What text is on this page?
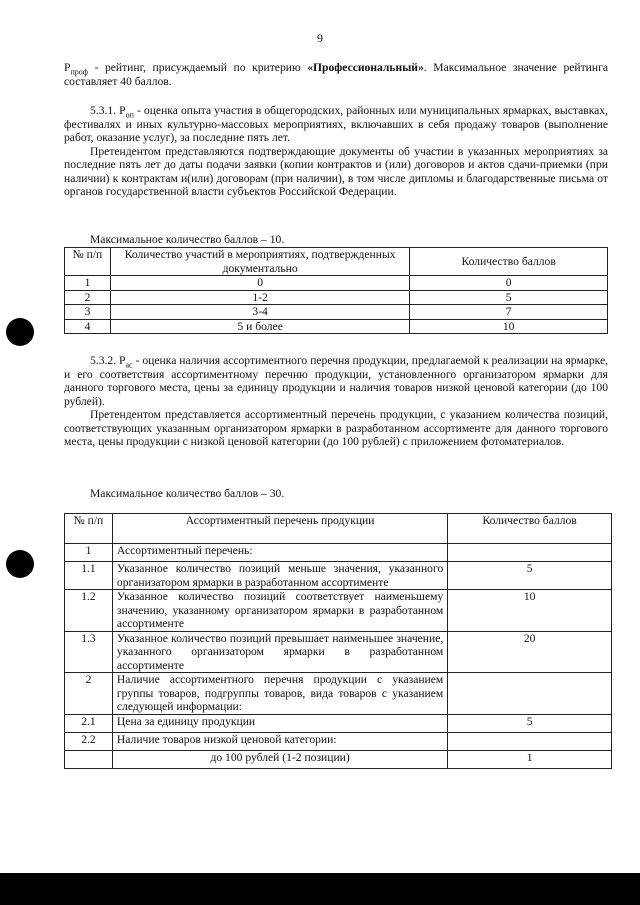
9

$Р_{проф}$ - рейтинг, присуждаемый по критерию «Профессиональный». Максимальное значение рейтинга составляет 40 баллов.

5.3.1. $Р_{оп}$ - оценка опыта участия в общегородских, районных или муниципальных ярмарках, выставках, фестивалях и иных культурно-массовых мероприятиях, включавших в себя продажу товаров (выполнение работ, оказание услуг), за последние пять лет.

Претендентом представляются подтверждающие документы об участии в указанных мероприятиях за последние пять лет до даты подачи заявки (копии контрактов и (или) договоров и актов сдачи-приемки (при наличии) к контрактам и(или) договорам (при наличии), в том числе дипломы и благодарственные письма от органов государственной власти субъектов Российской Федерации.

Максимальное количество баллов – 10.
№ п/п	Количество участий в мероприятиях, подтвержденных документально	Количество баллов
1	0	0
2	1-2	5
3	3-4	7
4	5 и более	10

5.3.2. $Р_{ас}$ - оценка наличия ассортиментного перечня продукции, предлагаемой к реализации на ярмарке, и его соответствия ассортиментному перечню продукции, установленного организатором ярмарки для данного торгового места, цены за единицу продукции и наличия товаров низкой ценовой категории (до 100 рублей).

Претендентом представляется ассортиментный перечень продукции, с указанием количества позиций, соответствующих указанным организатором ярмарки в разработанном ассортименте для данного торгового места, цены продукции с низкой ценовой категории (до 100 рублей) с приложением фотоматериалов.

Максимальное количество баллов – 30.
№ п/п	Ассортиментный перечень продукции	Количество баллов
1	Ассортиментный перечень:	
1.1	Указанное количество позиций меньше значения, указанного организатором ярмарки в разработанном ассортименте	5
1.2	Указанное количество позиций соответствует наименьшему значению, указанному организатором ярмарки в разработанном ассортименте	10
1.3	Указанное количество позиций превышает наименьшее значение, указанного организатором ярмарки в разработанном ассортименте	20
2	Наличие ассортиментного перечня продукции с указанием группы товаров, подгруппы товаров, вида товаров с указанием следующей информации:	
2.1	Цена за единицу продукции	5
2.2	Наличие товаров низкой ценовой категории:	
	до 100 рублей (1-2 позиции)	1
